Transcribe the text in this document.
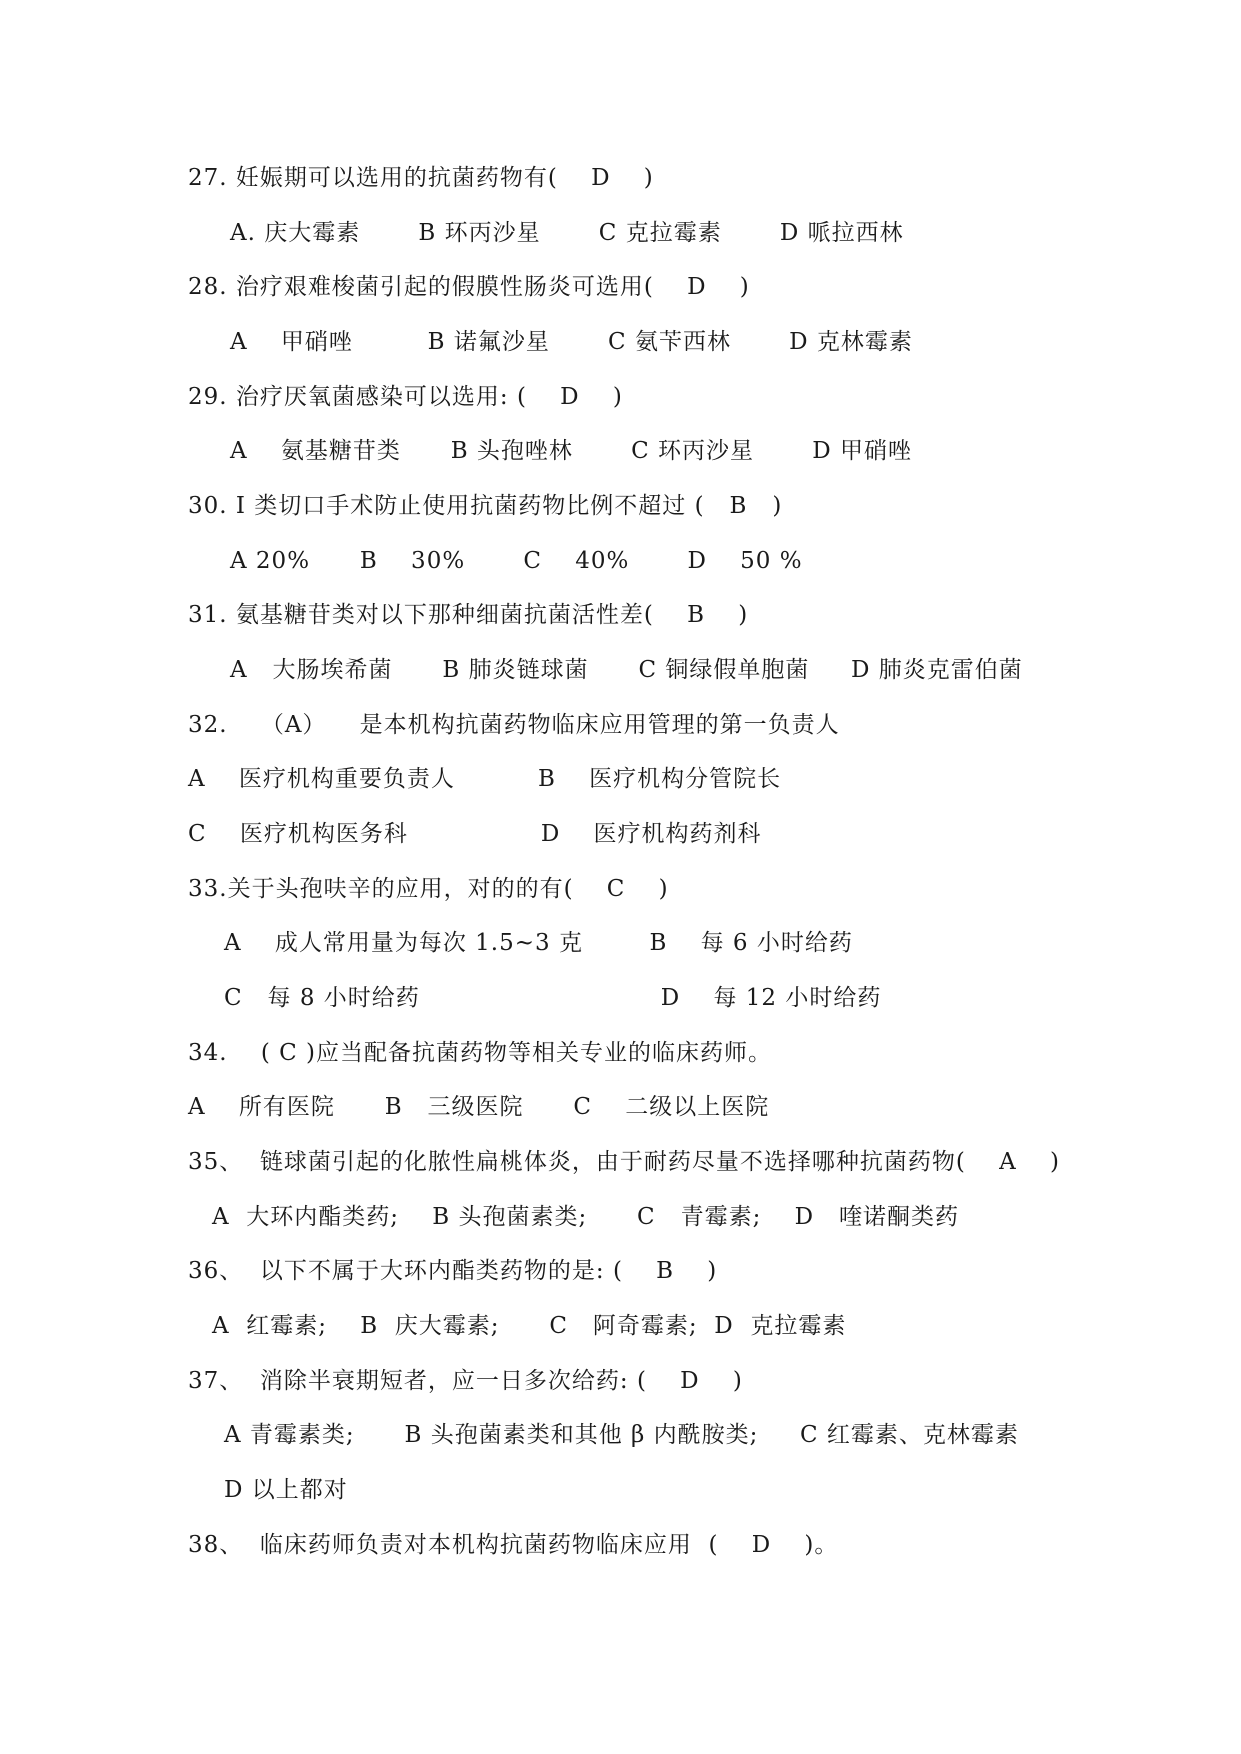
27. 妊娠期可以选用的抗菌药物有(    D    )
A. 庆大霉素       B 环丙沙星       C 克拉霉素       D 哌拉西林
28. 治疗艰难梭菌引起的假膜性肠炎可选用(    D    )
A    甲硝唑         B 诺氟沙星       C 氨苄西林       D 克林霉素
29. 治疗厌氧菌感染可以选用: (    D    )
A    氨基糖苷类      B 头孢唑林       C 环丙沙星       D 甲硝唑
30. I 类切口手术防止使用抗菌药物比例不超过 (   B   )
A 20%      B    30%       C    40%       D    50 %
31. 氨基糖苷类对以下那种细菌抗菌活性差(    B    )
A   大肠埃希菌      B 肺炎链球菌      C 铜绿假单胞菌     D 肺炎克雷伯菌
32.    （A）    是本机构抗菌药物临床应用管理的第一负责人
A    医疗机构重要负责人          B    医疗机构分管院长
C    医疗机构医务科                D    医疗机构药剂科
33.关于头孢呋辛的应用，对的的有(    C    )
A    成人常用量为每次 1.5~3 克        B    每 6 小时给药
C   每 8 小时给药                             D    每 12 小时给药
34.    ( C )应当配备抗菌药物等相关专业的临床药师。
A    所有医院      B   三级医院      C    二级以上医院
35、  链球菌引起的化脓性扁桃体炎，由于耐药尽量不选择哪种抗菌药物(    A    )
A  大环内酯类药;    B 头孢菌素类;      C   青霉素;    D   喹诺酮类药
36、  以下不属于大环内酯类药物的是: (    B    )
A  红霉素;    B  庆大霉素;      C   阿奇霉素;  D  克拉霉素
37、  消除半衰期短者，应一日多次给药: (    D    )
A 青霉素类;      B 头孢菌素类和其他 β 内酰胺类;     C 红霉素、克林霉素
D 以上都对
38、  临床药师负责对本机构抗菌药物临床应用  (    D    )。
